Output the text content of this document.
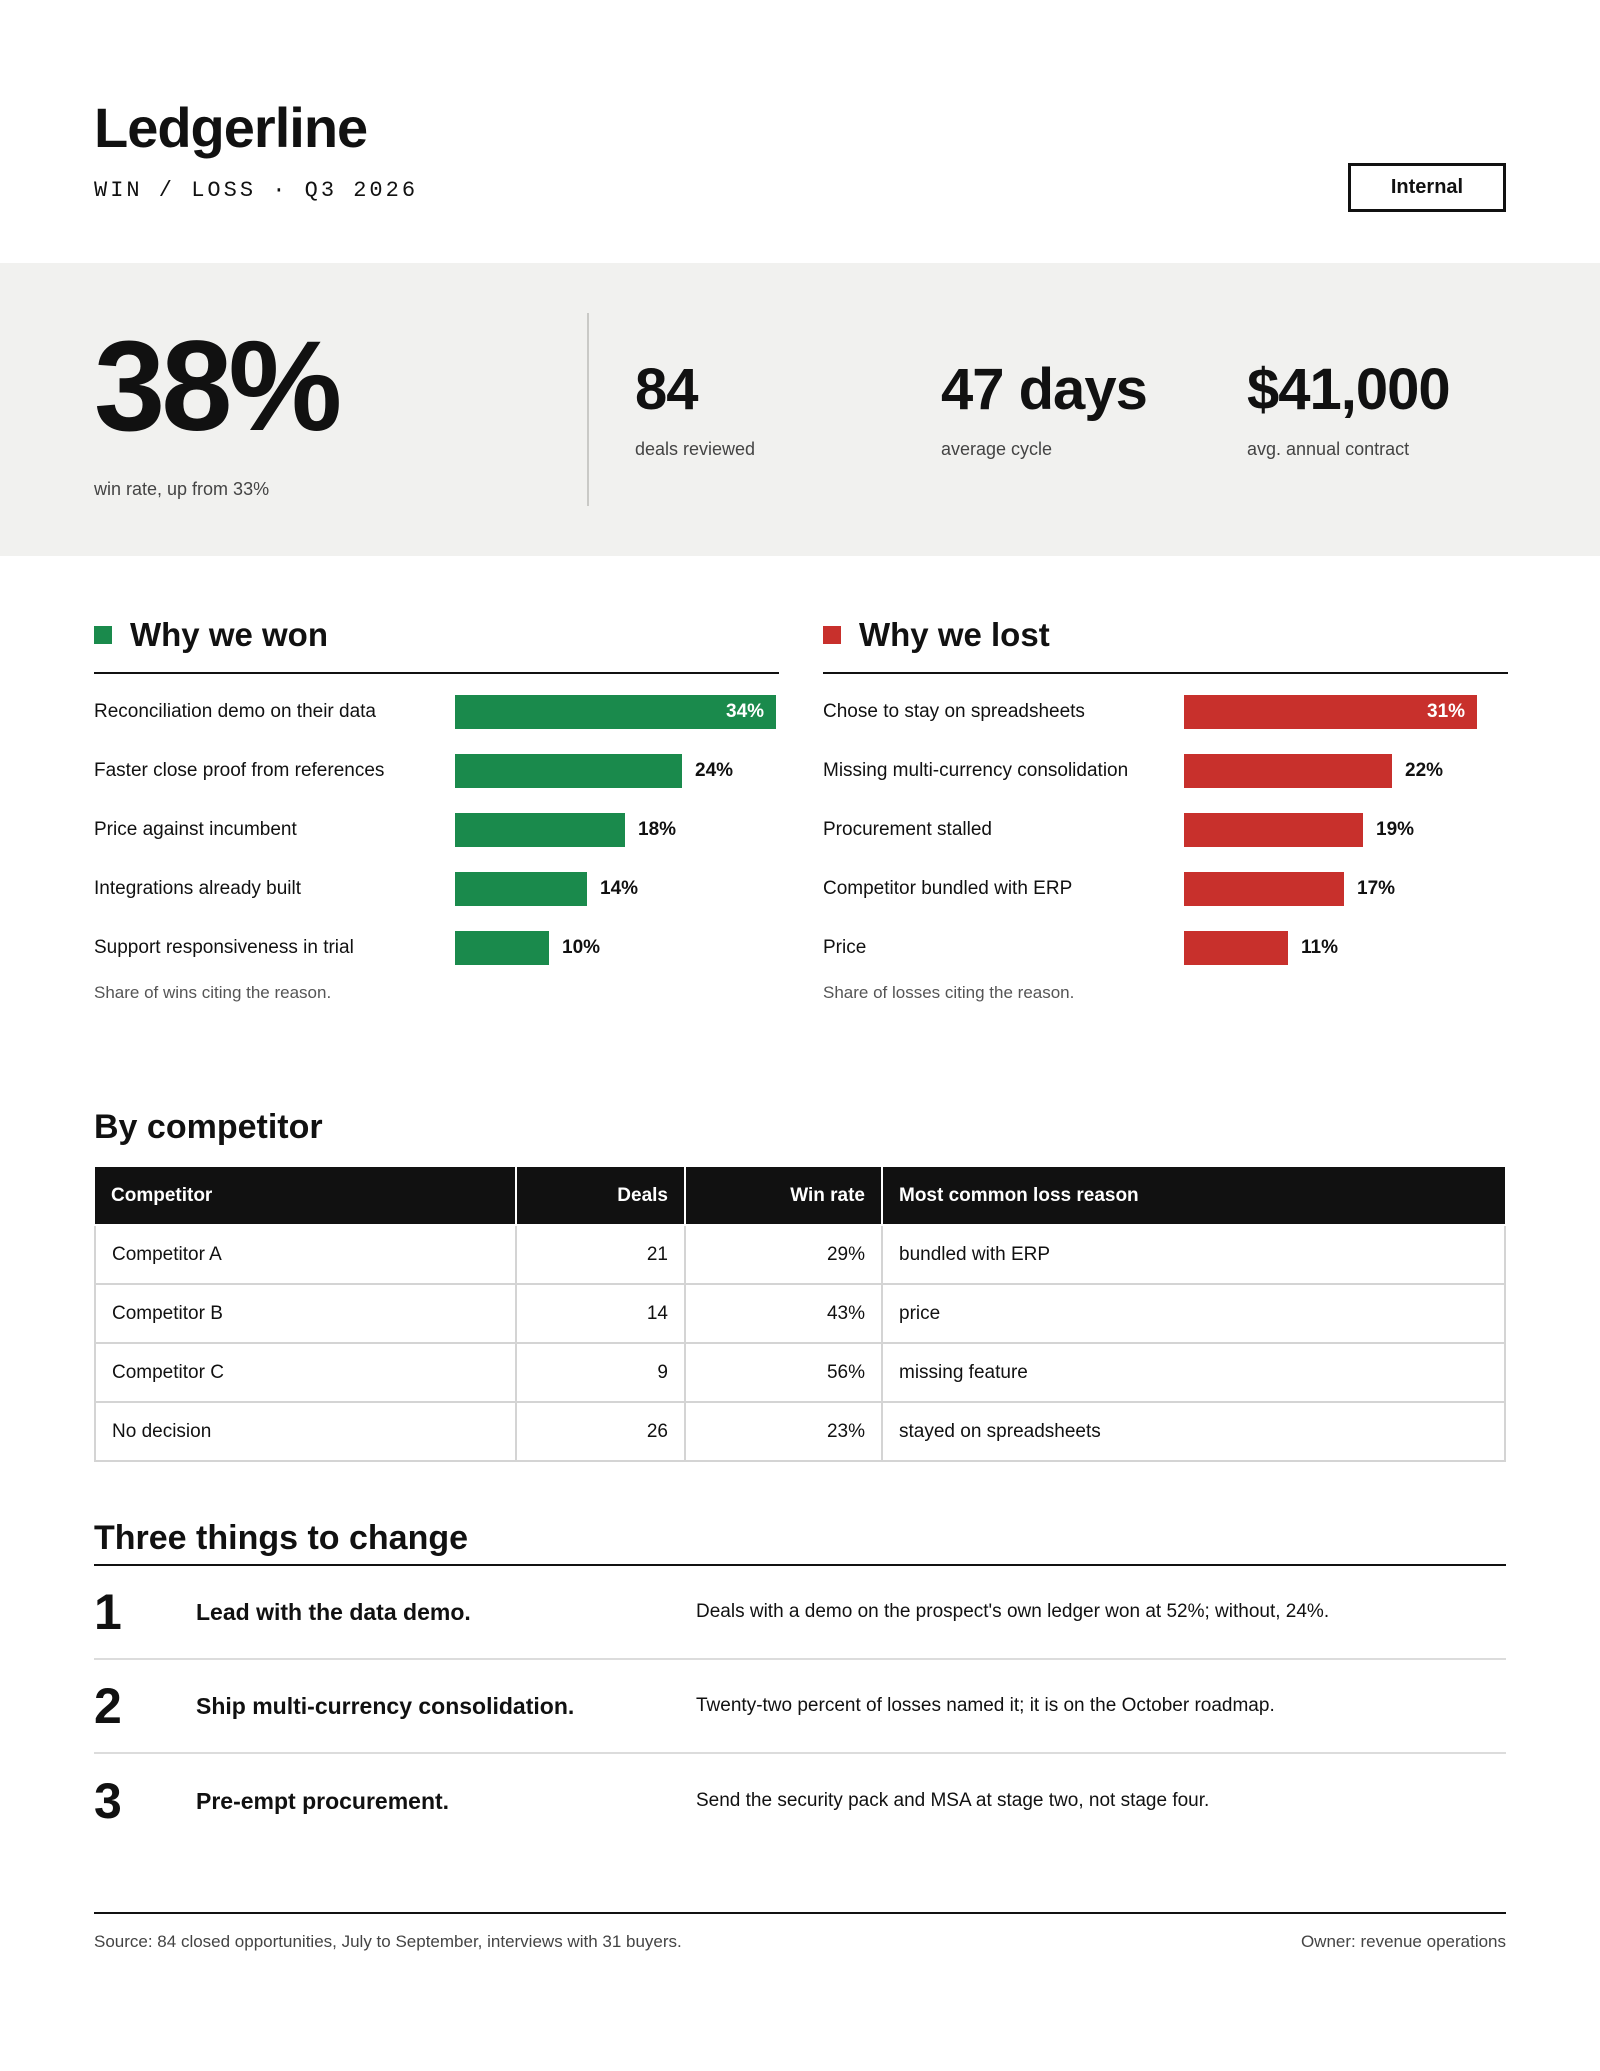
Ledgerline
WIN / LOSS · Q3 2026	Internal
38%
win rate, up from 33%
84
deals reviewed
47 days
average cycle
$41,000
avg. annual contract
Why we won
Reconciliation demo on their data	34%
Faster close proof from references	24%
Price against incumbent	18%
Integrations already built	14%
Support responsiveness in trial	10%
Share of wins citing the reason.
Why we lost
Chose to stay on spreadsheets	31%
Missing multi-currency consolidation	22%
Procurement stalled	19%
Competitor bundled with ERP	17%
Price	11%
Share of losses citing the reason.
By competitor
Competitor	Deals	Win rate	Most common loss reason
Competitor A	21	29%	bundled with ERP
Competitor B	14	43%	price
Competitor C	9	56%	missing feature
No decision	26	23%	stayed on spreadsheets
Three things to change
1	Lead with the data demo.	Deals with a demo on the prospect's own ledger won at 52%; without, 24%.
2	Ship multi-currency consolidation.	Twenty-two percent of losses named it; it is on the October roadmap.
3	Pre-empt procurement.	Send the security pack and MSA at stage two, not stage four.
Source: 84 closed opportunities, July to September, interviews with 31 buyers.	Owner: revenue operations
